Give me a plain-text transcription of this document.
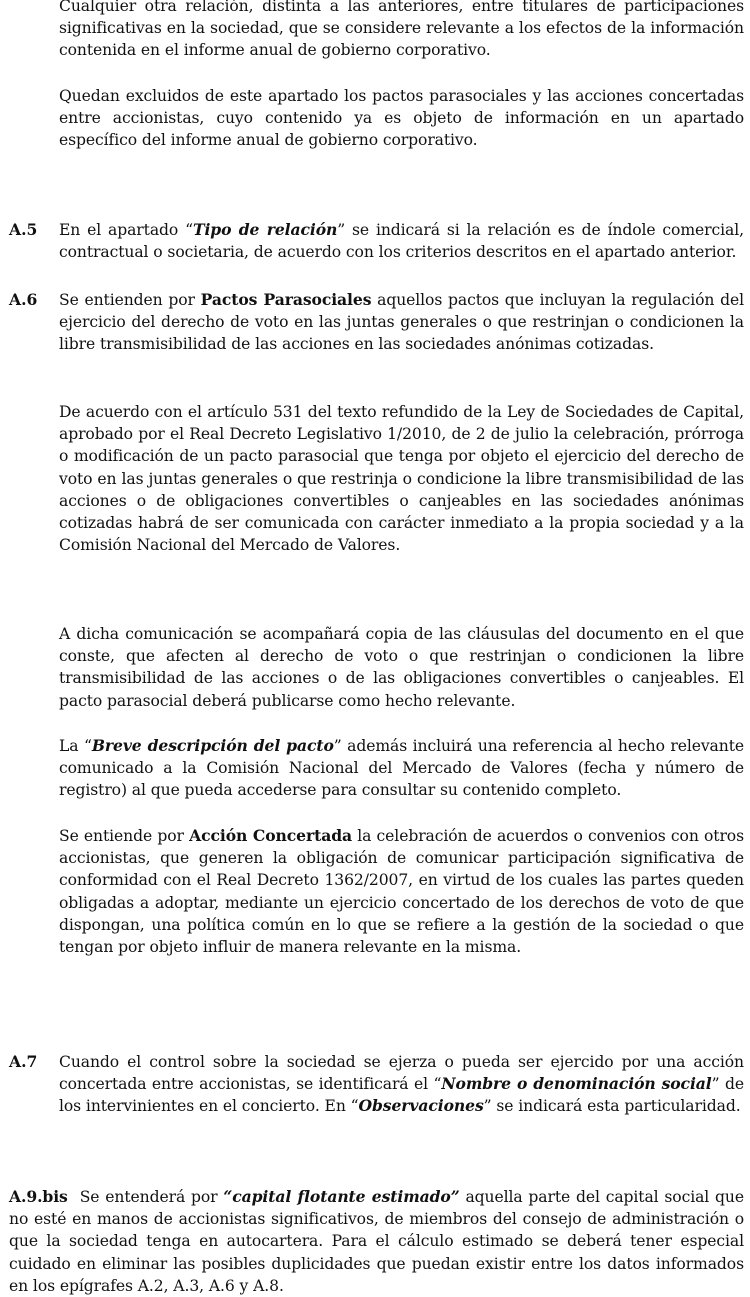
Cualquier otra relación, distinta a las anteriores, entre titulares de participaciones significativas en la sociedad, que se considere relevante a los efectos de la información contenida en el informe anual de gobierno corporativo.

Quedan excluidos de este apartado los pactos parasociales y las acciones concertadas entre accionistas, cuyo contenido ya es objeto de información en un apartado específico del informe anual de gobierno corporativo.

A.5 En el apartado “Tipo de relación” se indicará si la relación es de índole comercial, contractual o societaria, de acuerdo con los criterios descritos en el apartado anterior.

A.6 Se entienden por Pactos Parasociales aquellos pactos que incluyan la regulación del ejercicio del derecho de voto en las juntas generales o que restrinjan o condicionen la libre transmisibilidad de las acciones en las sociedades anónimas cotizadas.

De acuerdo con el artículo 531 del texto refundido de la Ley de Sociedades de Capital, aprobado por el Real Decreto Legislativo 1/2010, de 2 de julio la celebración, prórroga o modificación de un pacto parasocial que tenga por objeto el ejercicio del derecho de voto en las juntas generales o que restrinja o condicione la libre transmisibilidad de las acciones o de obligaciones convertibles o canjeables en las sociedades anónimas cotizadas habrá de ser comunicada con carácter inmediato a la propia sociedad y a la Comisión Nacional del Mercado de Valores.

A dicha comunicación se acompañará copia de las cláusulas del documento en el que conste, que afecten al derecho de voto o que restrinjan o condicionen la libre transmisibilidad de las acciones o de las obligaciones convertibles o canjeables. El pacto parasocial deberá publicarse como hecho relevante.

La “Breve descripción del pacto” además incluirá una referencia al hecho relevante comunicado a la Comisión Nacional del Mercado de Valores (fecha y número de registro) al que pueda accederse para consultar su contenido completo.

Se entiende por Acción Concertada la celebración de acuerdos o convenios con otros accionistas, que generen la obligación de comunicar participación significativa de conformidad con el Real Decreto 1362/2007, en virtud de los cuales las partes queden obligadas a adoptar, mediante un ejercicio concertado de los derechos de voto de que dispongan, una política común en lo que se refiere a la gestión de la sociedad o que tengan por objeto influir de manera relevante en la misma.

A.7 Cuando el control sobre la sociedad se ejerza o pueda ser ejercido por una acción concertada entre accionistas, se identificará el “Nombre o denominación social” de los intervinientes en el concierto. En “Observaciones” se indicará esta particularidad.

A.9.bis Se entenderá por “capital flotante estimado” aquella parte del capital social que no esté en manos de accionistas significativos, de miembros del consejo de administración o que la sociedad tenga en autocartera. Para el cálculo estimado se deberá tener especial cuidado en eliminar las posibles duplicidades que puedan existir entre los datos informados en los epígrafes A.2, A.3, A.6 y A.8.
